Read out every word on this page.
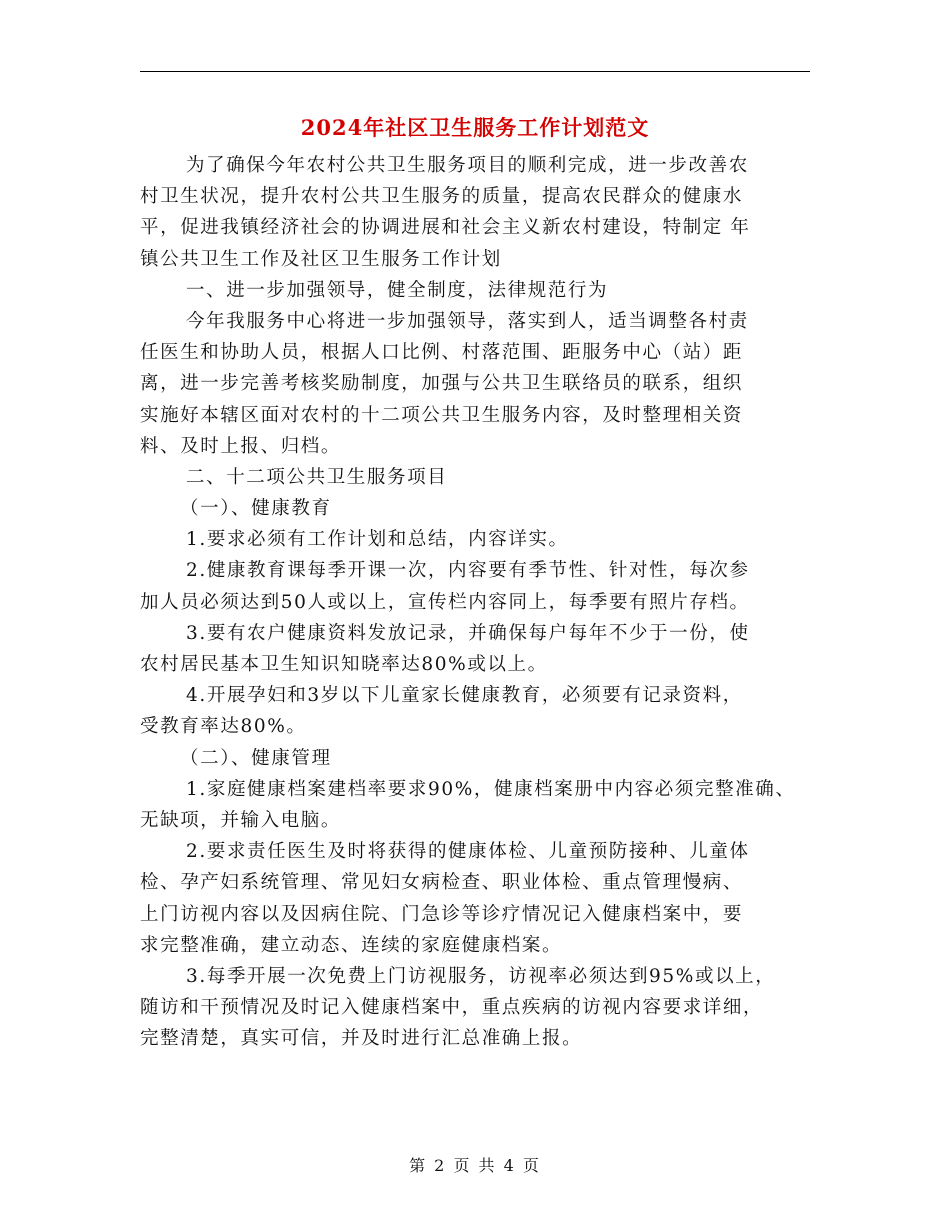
2024年社区卫生服务工作计划范文
为了确保今年农村公共卫生服务项目的顺利完成，进一步改善农
村卫生状况，提升农村公共卫生服务的质量，提高农民群众的健康水
平，促进我镇经济社会的协调进展和社会主义新农村建设，特制定 年
镇公共卫生工作及社区卫生服务工作计划
一、进一步加强领导，健全制度，法律规范行为
今年我服务中心将进一步加强领导，落实到人，适当调整各村责
任医生和协助人员，根据人口比例、村落范围、距服务中心（站）距
离，进一步完善考核奖励制度，加强与公共卫生联络员的联系，组织
实施好本辖区面对农村的十二项公共卫生服务内容，及时整理相关资
料、及时上报、归档。
二、十二项公共卫生服务项目
（一）、健康教育
1.要求必须有工作计划和总结，内容详实。
2.健康教育课每季开课一次，内容要有季节性、针对性，每次参
加人员必须达到50人或以上，宣传栏内容同上，每季要有照片存档。
3.要有农户健康资料发放记录，并确保每户每年不少于一份，使
农村居民基本卫生知识知晓率达80%或以上。
4.开展孕妇和3岁以下儿童家长健康教育，必须要有记录资料，
受教育率达80%。
（二）、健康管理
1.家庭健康档案建档率要求90%，健康档案册中内容必须完整准确、
无缺项，并输入电脑。
2.要求责任医生及时将获得的健康体检、儿童预防接种、儿童体
检、孕产妇系统管理、常见妇女病检查、职业体检、重点管理慢病、
上门访视内容以及因病住院、门急诊等诊疗情况记入健康档案中，要
求完整准确，建立动态、连续的家庭健康档案。
3.每季开展一次免费上门访视服务，访视率必须达到95%或以上，
随访和干预情况及时记入健康档案中，重点疾病的访视内容要求详细，
完整清楚，真实可信，并及时进行汇总准确上报。
第 2 页 共 4 页
